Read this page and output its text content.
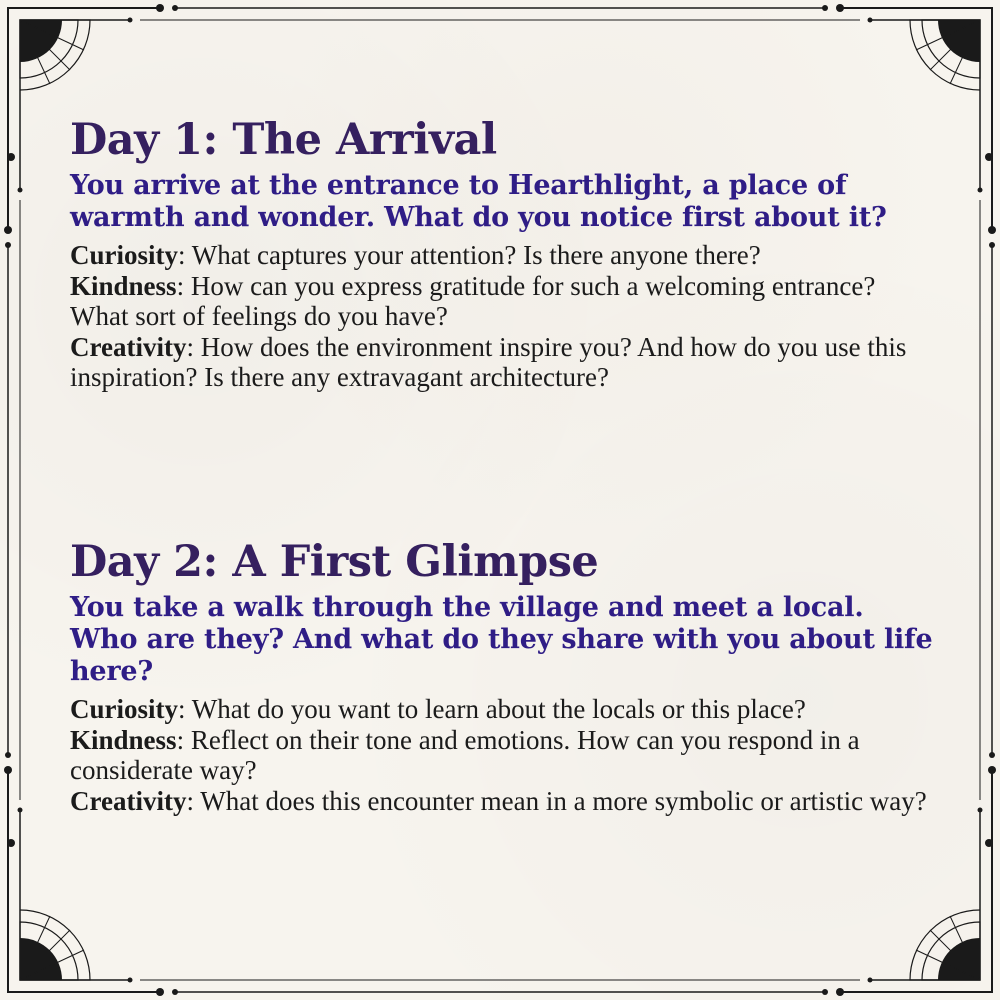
Day 1: The Arrival

You arrive at the entrance to Hearthlight, a place of warmth and wonder. What do you notice first about it?

Curiosity: What captures your attention? Is there anyone there?

Kindness: How can you express gratitude for such a welcoming entrance? What sort of feelings do you have?

Creativity: How does the environment inspire you? And how do you use this inspiration? Is there any extravagant architecture?

Day 2: A First Glimpse

You take a walk through the village and meet a local. Who are they? And what do they share with you about life here?

Curiosity: What do you want to learn about the locals or this place?

Kindness: Reflect on their tone and emotions. How can you respond in a considerate way?

Creativity: What does this encounter mean in a more symbolic or artistic way?
